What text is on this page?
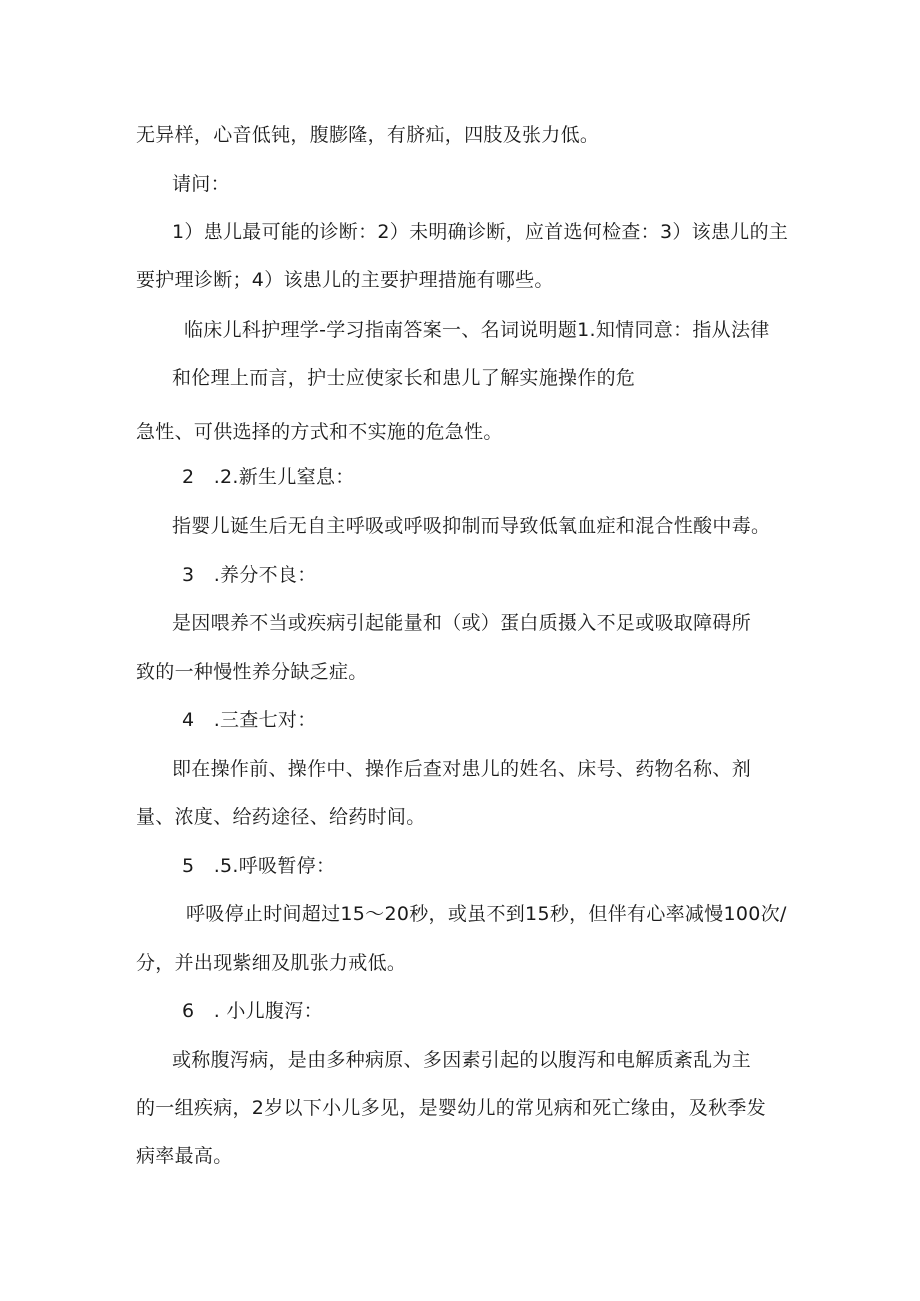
无异样，心音低钝，腹膨隆，有脐疝，四肢及张力低。
请问：
1）患儿最可能的诊断：2）未明确诊断，应首选何检查：3）该患儿的主
要护理诊断；4）该患儿的主要护理措施有哪些。
临床儿科护理学-学习指南答案一、名词说明题1.知情同意：指从法律
和伦理上而言，护士应使家长和患儿了解实施操作的危
急性、可供选择的方式和不实施的危急性。
2　.2.新生儿窒息：
指婴儿诞生后无自主呼吸或呼吸抑制而导致低氧血症和混合性酸中毒。
3　.养分不良：
是因喂养不当或疾病引起能量和（或）蛋白质摄入不足或吸取障碍所
致的一种慢性养分缺乏症。
4　.三查七对：
即在操作前、操作中、操作后查对患儿的姓名、床号、药物名称、剂
量、浓度、给药途径、给药时间。
5　.5.呼吸暂停：
呼吸停止时间超过15〜20秒，或虽不到15秒，但伴有心率减慢100次/
分，并出现紫细及肌张力戒低。
6　. 小儿腹泻：
或称腹泻病，是由多种病原、多因素引起的以腹泻和电解质紊乱为主
的一组疾病，2岁以下小儿多见，是婴幼儿的常见病和死亡缘由，及秋季发
病率最高。
